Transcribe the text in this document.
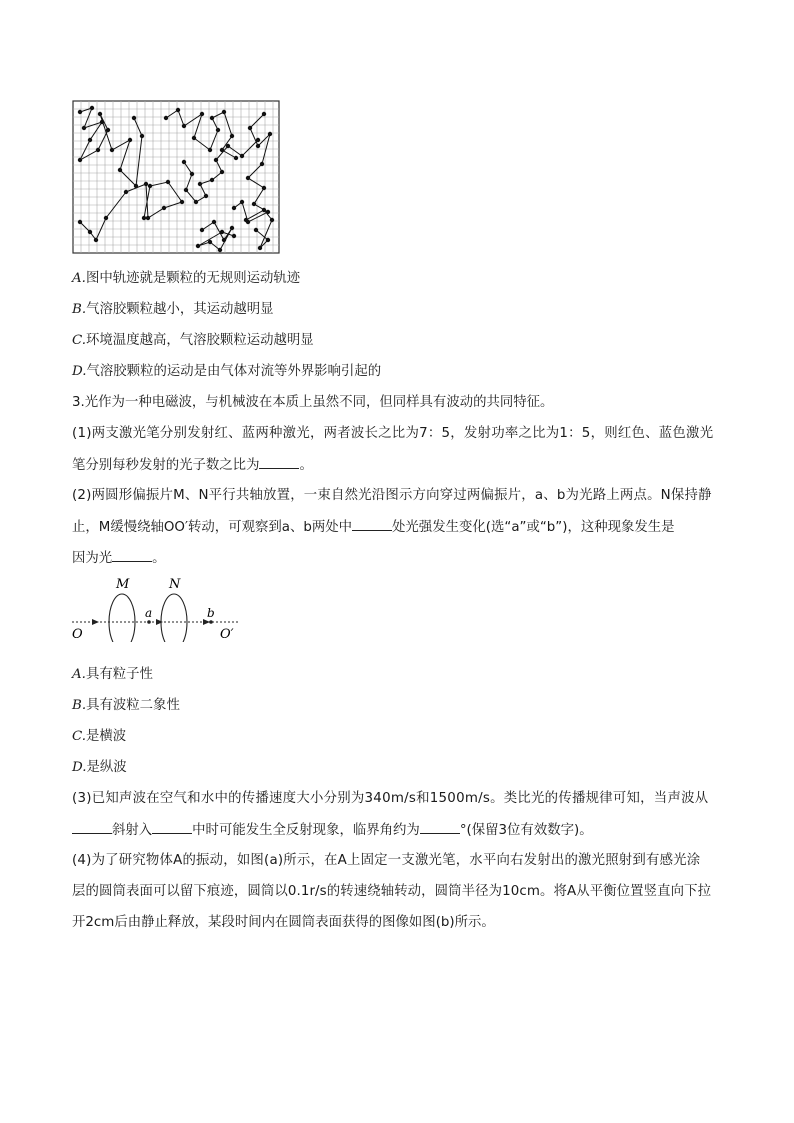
A.图中轨迹就是颗粒的无规则运动轨迹
B.气溶胶颗粒越小，其运动越明显
C.环境温度越高，气溶胶颗粒运动越明显
D.气溶胶颗粒的运动是由气体对流等外界影响引起的
3.光作为一种电磁波，与机械波在本质上虽然不同，但同样具有波动的共同特征。
(1)两支激光笔分别发射红、蓝两种激光，两者波长之比为7：5，发射功率之比为1：5，则红色、蓝色激光
笔分别每秒发射的光子数之比为	。
(2)两圆形偏振片M、N平行共轴放置，一束自然光沿图示方向穿过两偏振片，a、b为光路上两点。N保持静
止，M缓慢绕轴OO′转动，可观察到a、b两处中	处光强发生变化(选“a”或“b”)，这种现象发生是
因为光	。
M	N
a	b
O	O′
A.具有粒子性
B.具有波粒二象性
C.是横波
D.是纵波
(3)已知声波在空气和水中的传播速度大小分别为340m/s和1500m/s。类比光的传播规律可知，当声波从
斜射入	中时可能发生全反射现象，临界角约为	°(保留3位有效数字)。
(4)为了研究物体A的振动，如图(a)所示，在A上固定一支激光笔，水平向右发射出的激光照射到有感光涂
层的圆筒表面可以留下痕迹，圆筒以0.1r/s的转速绕轴转动，圆筒半径为10cm。将A从平衡位置竖直向下拉
开2cm后由静止释放，某段时间内在圆筒表面获得的图像如图(b)所示。
